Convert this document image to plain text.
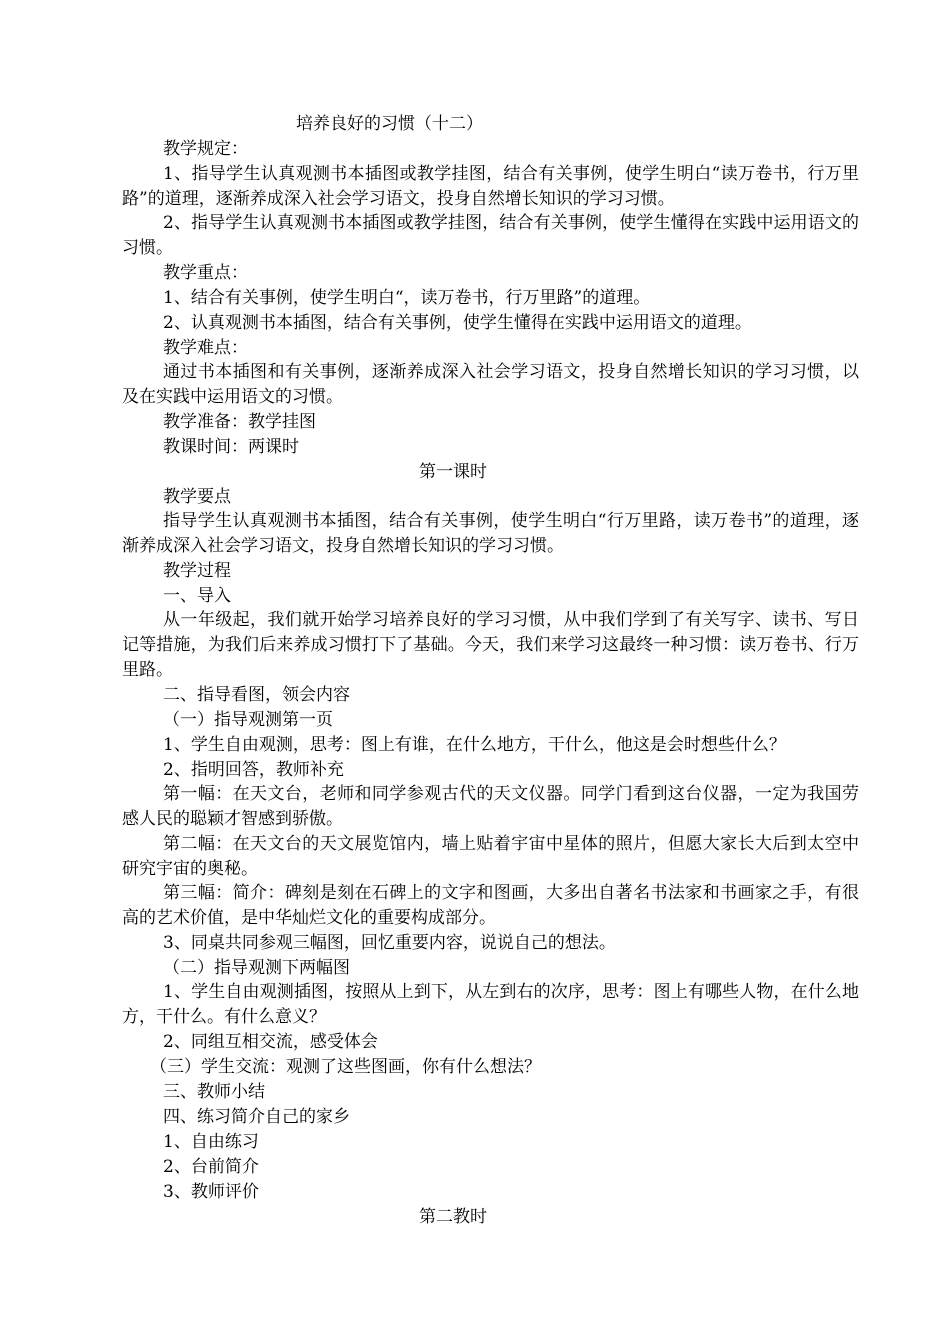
培养良好的习惯（十二）
教学规定：
1、指导学生认真观测书本插图或教学挂图，结合有关事例，使学生明白“读万卷书，行万里路”的道理，逐渐养成深入社会学习语文，投身自然增长知识的学习习惯。
2、指导学生认真观测书本插图或教学挂图，结合有关事例，使学生懂得在实践中运用语文的习惯。
教学重点：
1、结合有关事例，使学生明白“，读万卷书，行万里路”的道理。
2、认真观测书本插图，结合有关事例，使学生懂得在实践中运用语文的道理。
教学难点：
通过书本插图和有关事例，逐渐养成深入社会学习语文，投身自然增长知识的学习习惯，以及在实践中运用语文的习惯。
教学准备：教学挂图
教课时间：两课时
第一课时
教学要点
指导学生认真观测书本插图，结合有关事例，使学生明白“行万里路，读万卷书”的道理，逐渐养成深入社会学习语文，投身自然增长知识的学习习惯。
教学过程
一、导入
从一年级起，我们就开始学习培养良好的学习习惯，从中我们学到了有关写字、读书、写日记等措施，为我们后来养成习惯打下了基础。今天，我们来学习这最终一种习惯：读万卷书、行万里路。
二、指导看图，领会内容
（一）指导观测第一页
1、学生自由观测，思考：图上有谁，在什么地方，干什么，他这是会时想些什么？
2、指明回答，教师补充
第一幅：在天文台，老师和同学参观古代的天文仪器。同学门看到这台仪器，一定为我国劳感人民的聪颖才智感到骄傲。
第二幅：在天文台的天文展览馆内，墙上贴着宇宙中星体的照片，但愿大家长大后到太空中研究宇宙的奥秘。
第三幅：简介：碑刻是刻在石碑上的文字和图画，大多出自著名书法家和书画家之手，有很高的艺术价值，是中华灿烂文化的重要构成部分。
3、同桌共同参观三幅图，回忆重要内容，说说自己的想法。
（二）指导观测下两幅图
1、学生自由观测插图，按照从上到下，从左到右的次序，思考：图上有哪些人物，在什么地方，干什么。有什么意义？
2、同组互相交流，感受体会
（三）学生交流：观测了这些图画，你有什么想法？
三、教师小结
四、练习简介自己的家乡
1、自由练习
2、台前简介
3、教师评价
第二教时
